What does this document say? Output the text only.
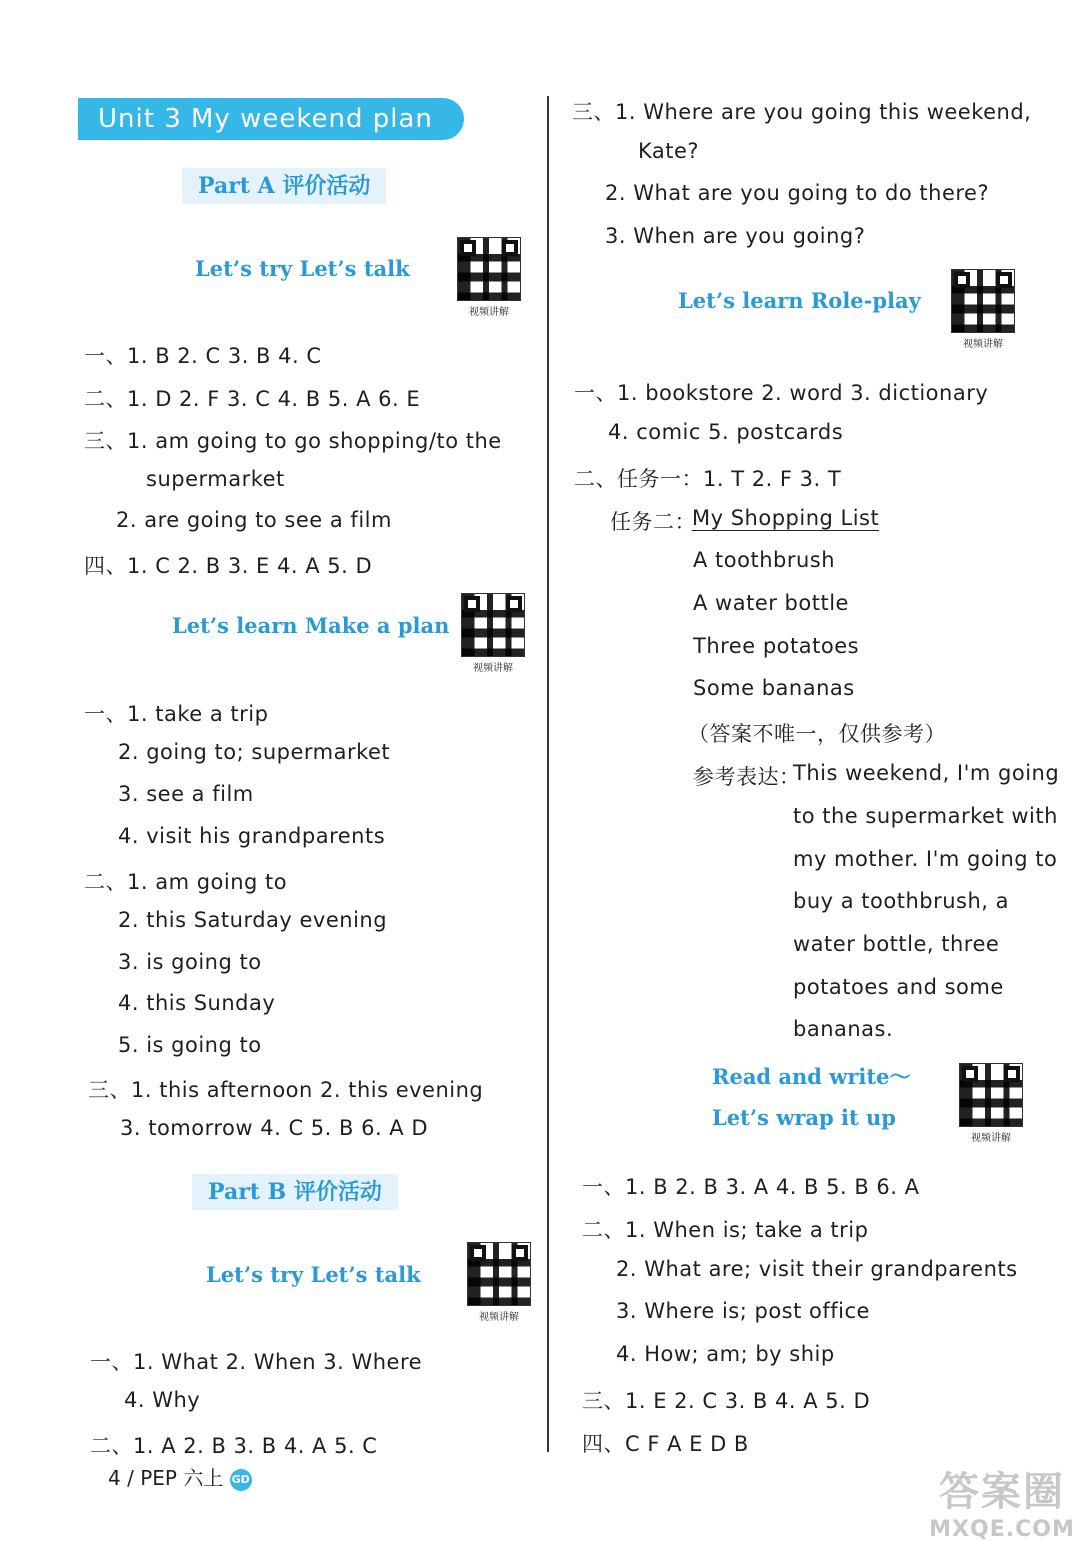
Unit 3 My weekend plan
Part A 评价活动
Let’s try Let’s talk
视频讲解
一、1. B 2. C 3. B 4. C
二、1. D 2. F 3. C 4. B 5. A 6. E
三、1. am going to go shopping/to the
supermarket
2. are going to see a film
四、1. C 2. B 3. E 4. A 5. D
Let’s learn Make a plan
视频讲解
一、1. take a trip
2. going to; supermarket
3. see a film
4. visit his grandparents
二、1. am going to
2. this Saturday evening
3. is going to
4. this Sunday
5. is going to
三、1. this afternoon 2. this evening
3. tomorrow 4. C 5. B 6. A D
Part B 评价活动
Let’s try Let’s talk
视频讲解
一、1. What 2. When 3. Where
4. Why
二、1. A 2. B 3. B 4. A 5. C
三、1. Where are you going this weekend,
Kate?
2. What are you going to do there?
3. When are you going?
Let’s learn Role-play
视频讲解
一、1. bookstore 2. word 3. dictionary
4. comic 5. postcards
二、任务一：1. T 2. F 3. T
任务二：
My Shopping List
A toothbrush
A water bottle
Three potatoes
Some bananas
（答案不唯一，仅供参考）
参考表达：
This weekend, I'm going
to the supermarket with
my mother. I'm going to
buy a toothbrush, a
water bottle, three
potatoes and some
bananas.
Read and write～
Let’s wrap it up
视频讲解
一、1. B 2. B 3. A 4. B 5. B 6. A
二、1. When is; take a trip
2. What are; visit their grandparents
3. Where is; post office
4. How; am; by ship
三、1. E 2. C 3. B 4. A 5. D
四、C F A E D B
4 / PEP 六上 GD	答案圈
MXQE.COM
